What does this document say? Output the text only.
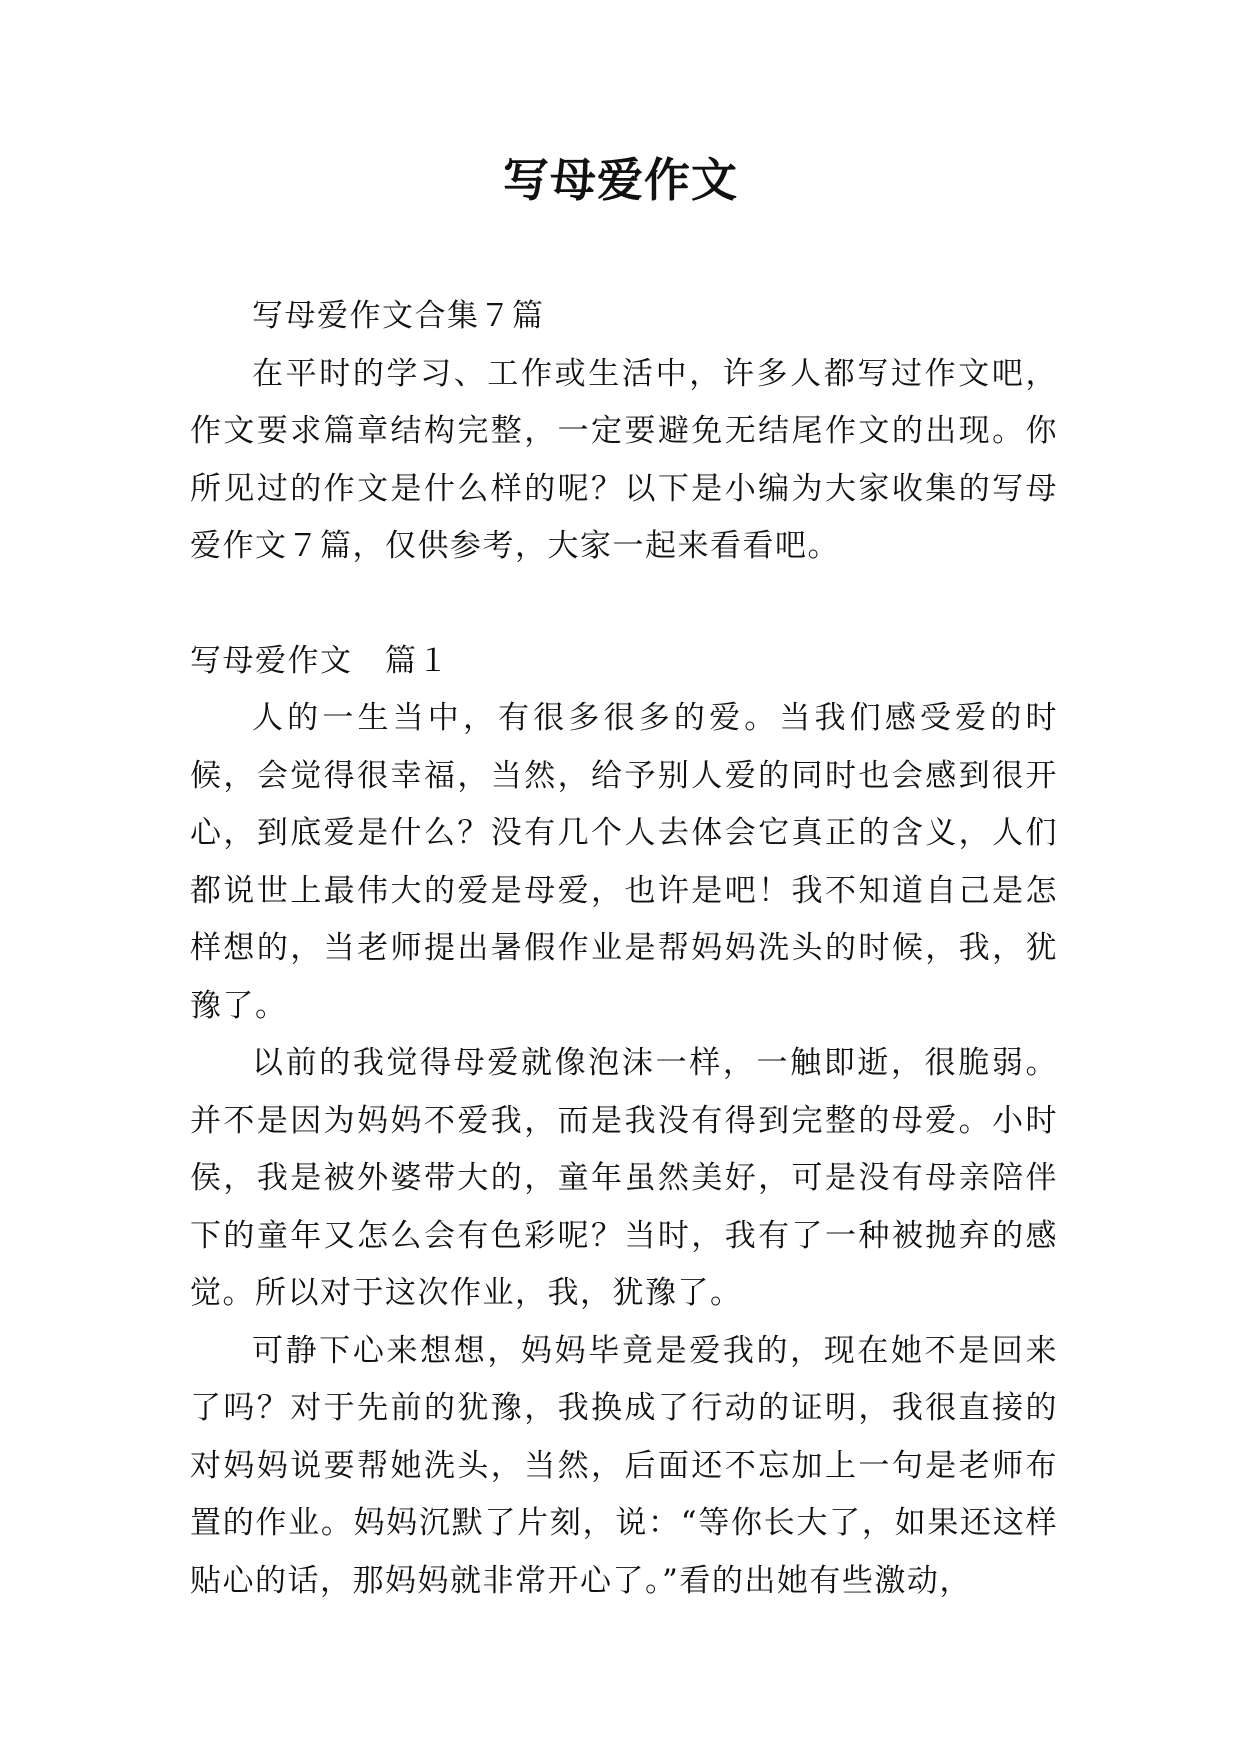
写母爱作文

写母爱作文合集７篇

在平时的学习、工作或生活中，许多人都写过作文吧，作文要求篇章结构完整，一定要避免无结尾作文的出现。你所见过的作文是什么样的呢？以下是小编为大家收集的写母爱作文７篇，仅供参考，大家一起来看看吧。

写母爱作文　篇１

人的一生当中，有很多很多的爱。当我们感受爱的时候，会觉得很幸福，当然，给予别人爱的同时也会感到很开心，到底爱是什么？没有几个人去体会它真正的含义，人们都说世上最伟大的爱是母爱，也许是吧！我不知道自己是怎样想的，当老师提出暑假作业是帮妈妈洗头的时候，我，犹豫了。

以前的我觉得母爱就像泡沫一样，一触即逝，很脆弱。并不是因为妈妈不爱我，而是我没有得到完整的母爱。小时侯，我是被外婆带大的，童年虽然美好，可是没有母亲陪伴下的童年又怎么会有色彩呢？当时，我有了一种被抛弃的感觉。所以对于这次作业，我，犹豫了。

可静下心来想想，妈妈毕竟是爱我的，现在她不是回来了吗？对于先前的犹豫，我换成了行动的证明，我很直接的对妈妈说要帮她洗头，当然，后面还不忘加上一句是老师布置的作业。妈妈沉默了片刻，说：“等你长大了，如果还这样贴心的话，那妈妈就非常开心了。”看的出她有些激动，
